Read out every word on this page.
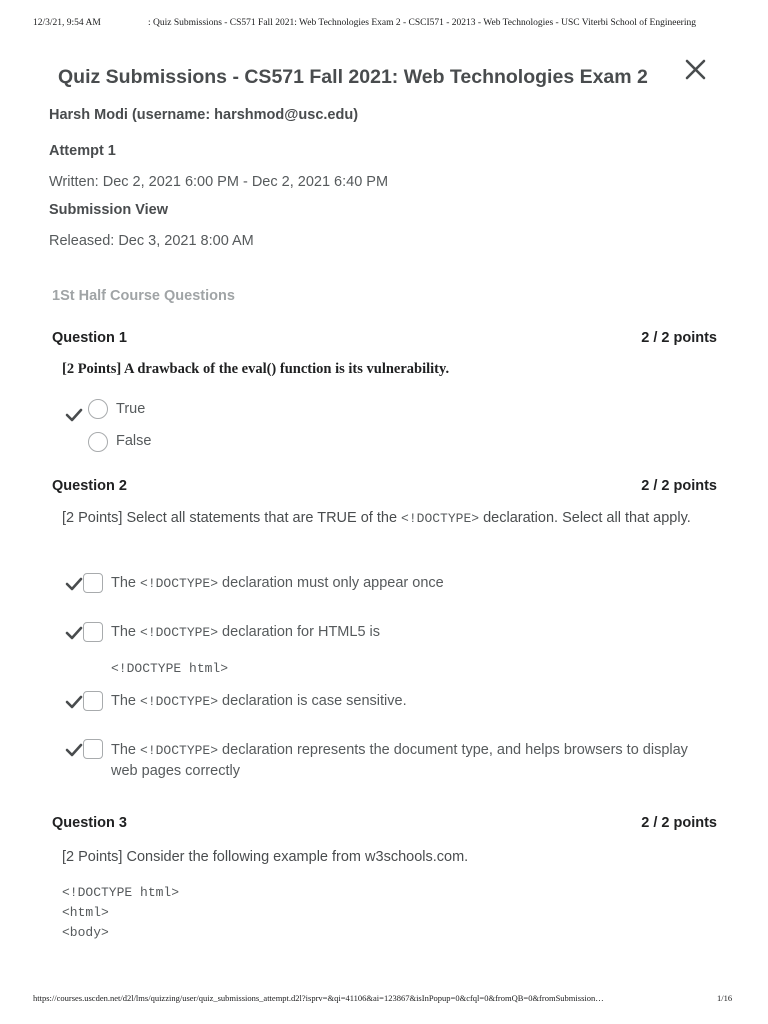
12/3/21, 9:54 AM	: Quiz Submissions - CS571 Fall 2021: Web Technologies Exam 2 - CSCI571 - 20213 - Web Technologies - USC Viterbi School of Engineering
Quiz Submissions - CS571 Fall 2021: Web Technologies Exam 2
Harsh Modi (username: harshmod@usc.edu)
Attempt 1
Written: Dec 2, 2021 6:00 PM - Dec 2, 2021 6:40 PM
Submission View
Released: Dec 3, 2021 8:00 AM
1St Half Course Questions
Question 1	2 / 2 points
[2 Points] A drawback of the eval() function is its vulnerability.
True
False
Question 2	2 / 2 points
[2 Points] Select all statements that are TRUE of the <!DOCTYPE> declaration. Select all that apply.
The <!DOCTYPE> declaration must only appear once
The <!DOCTYPE> declaration for HTML5 is
<!DOCTYPE html>
The <!DOCTYPE> declaration is case sensitive.
The <!DOCTYPE> declaration represents the document type, and helps browsers to display web pages correctly
Question 3	2 / 2 points
[2 Points] Consider the following example from w3schools.com.
<!DOCTYPE html>
<html>
<body>
https://courses.uscden.net/d2l/lms/quizzing/user/quiz_submissions_attempt.d2l?isprv=&qi=41106&ai=123867&isInPopup=0&cfql=0&fromQB=0&fromSubmission…	1/16
